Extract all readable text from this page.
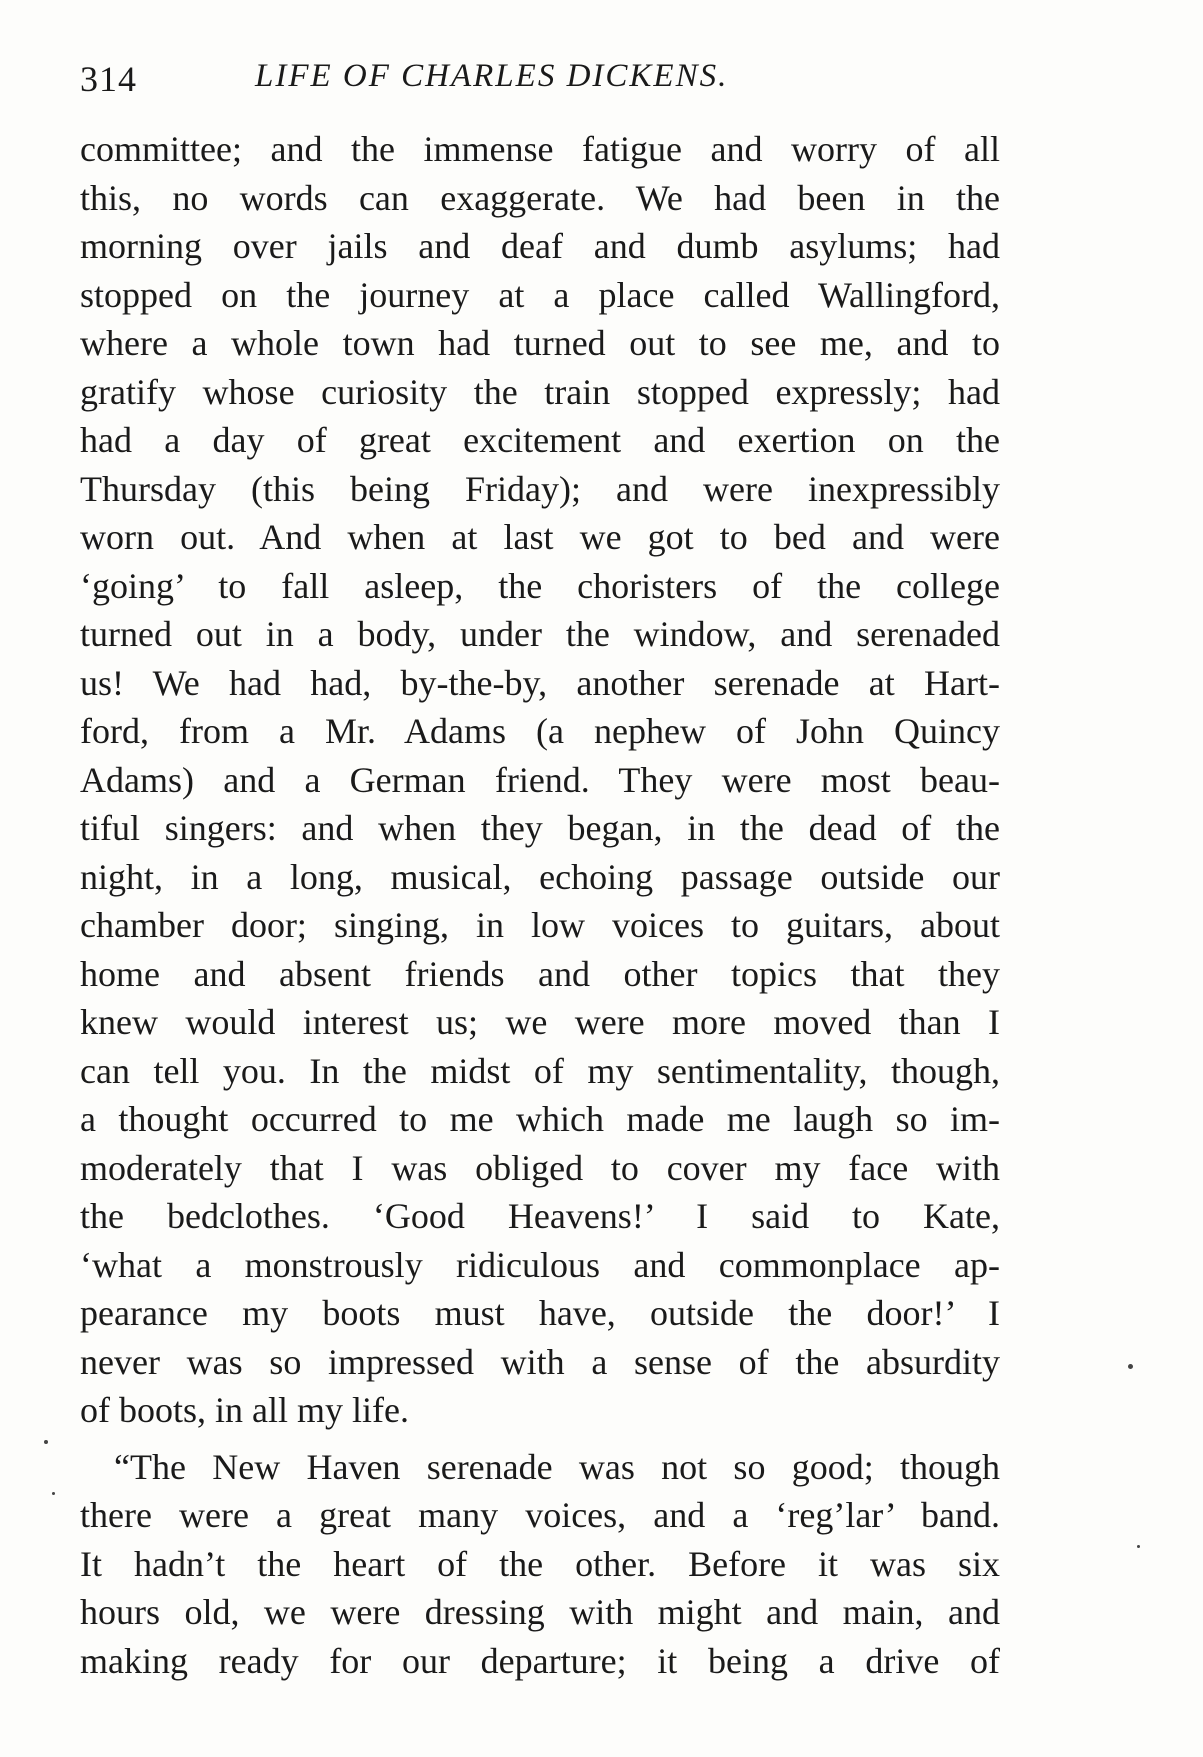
314	LIFE OF CHARLES DICKENS.
committee; and the immense fatigue and worry of all
this, no words can exaggerate. We had been in the
morning over jails and deaf and dumb asylums; had
stopped on the journey at a place called Wallingford,
where a whole town had turned out to see me, and to
gratify whose curiosity the train stopped expressly; had
had a day of great excitement and exertion on the
Thursday (this being Friday); and were inexpressibly
worn out. And when at last we got to bed and were
‘going’ to fall asleep, the choristers of the college
turned out in a body, under the window, and serenaded
us! We had had, by-the-by, another serenade at Hart-
ford, from a Mr. Adams (a nephew of John Quincy
Adams) and a German friend. They were most beau-
tiful singers: and when they began, in the dead of the
night, in a long, musical, echoing passage outside our
chamber door; singing, in low voices to guitars, about
home and absent friends and other topics that they
knew would interest us; we were more moved than I
can tell you. In the midst of my sentimentality, though,
a thought occurred to me which made me laugh so im-
moderately that I was obliged to cover my face with
the bedclothes. ‘Good Heavens!’ I said to Kate,
‘what a monstrously ridiculous and commonplace ap-
pearance my boots must have, outside the door!’ I
never was so impressed with a sense of the absurdity
of boots, in all my life.
“The New Haven serenade was not so good; though
there were a great many voices, and a ‘reg’lar’ band.
It hadn’t the heart of the other. Before it was six
hours old, we were dressing with might and main, and
making ready for our departure; it being a drive of
